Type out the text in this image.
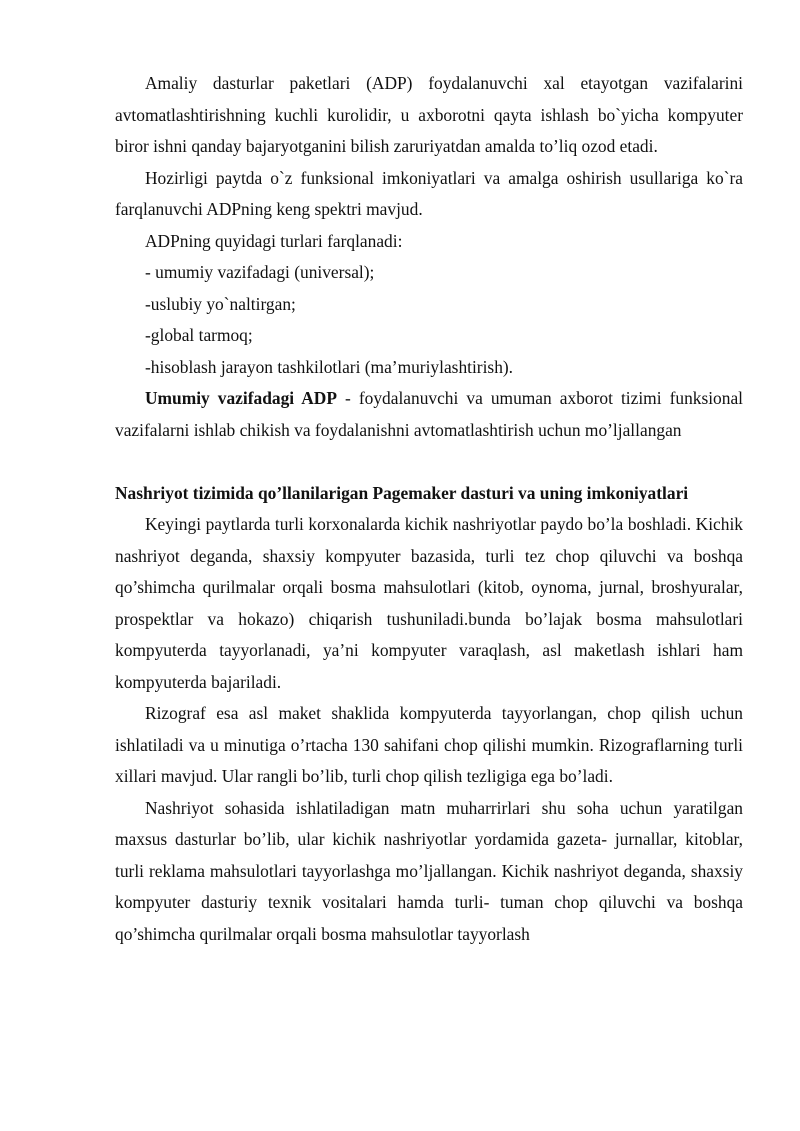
Amaliy dasturlar paketlari (ADP) foydalanuvchi xal etayotgan vazifalarini avtomatlashtirishning kuchli kurolidir, u axborotni qayta ishlash bo`yicha kompyuter biror ishni qanday bajaryotganini bilish zaruriyatdan amalda to’liq ozod etadi.

Hozirligi paytda o`z funksional imkoniyatlari va amalga oshirish usullariga ko`ra farqlanuvchi ADPning keng spektri mavjud.

ADPning quyidagi turlari farqlanadi:

- umumiy vazifadagi (universal);

-uslubiy yo`naltirgan;

-global tarmoq;

-hisoblash jarayon tashkilotlari (ma’muriylashtirish).

Umumiy vazifadagi ADP - foydalanuvchi va umuman axborot tizimi funksional vazifalarni ishlab chikish va foydalanishni avtomatlashtirish uchun mo’ljallangan

Nashriyot tizimida qo’llanilarigan Pagemaker dasturi va uning imkoniyatlari

Keyingi paytlarda turli korxonalarda kichik nashriyotlar paydo bo’la boshladi. Kichik nashriyot deganda, shaxsiy kompyuter bazasida, turli tez chop qiluvchi va boshqa qo’shimcha qurilmalar orqali bosma mahsulotlari (kitob, oynoma, jurnal, broshyuralar, prospektlar va hokazo) chiqarish tushuniladi.bunda bo’lajak bosma mahsulotlari kompyuterda tayyorlanadi, ya’ni kompyuter varaqlash, asl maketlash ishlari ham kompyuterda bajariladi.

Rizograf esa asl maket shaklida kompyuterda tayyorlangan, chop qilish uchun ishlatiladi va u minutiga o’rtacha 130 sahifani chop qilishi mumkin. Rizograflarning turli xillari mavjud. Ular rangli bo’lib, turli chop qilish tezligiga ega bo’ladi.

Nashriyot sohasida ishlatiladigan matn muharrirlari shu soha uchun yaratilgan maxsus dasturlar bo’lib, ular kichik nashriyotlar yordamida gazeta- jurnallar, kitoblar, turli reklama mahsulotlari tayyorlashga mo’ljallangan. Kichik nashriyot deganda, shaxsiy kompyuter dasturiy texnik vositalari hamda turli- tuman chop qiluvchi va boshqa qo’shimcha qurilmalar orqali bosma mahsulotlar tayyorlash
